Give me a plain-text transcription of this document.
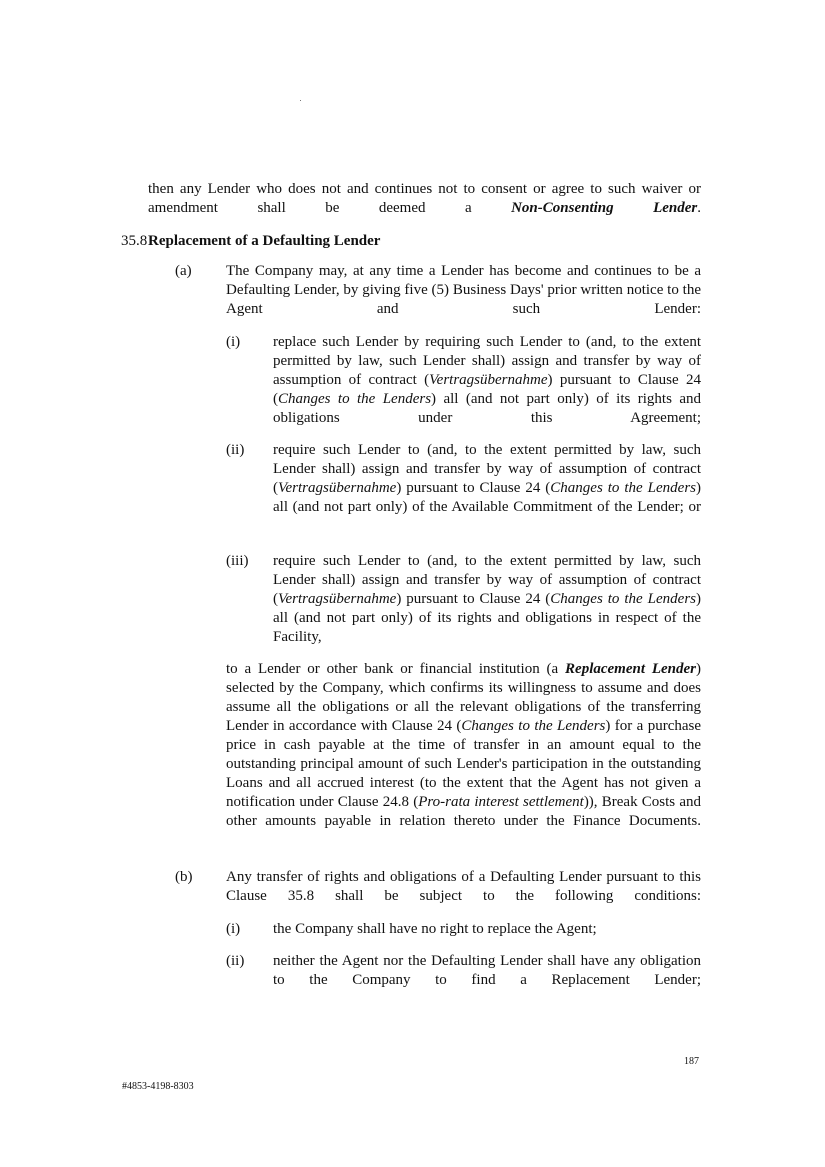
then any Lender who does not and continues not to consent or agree to such waiver or amendment shall be deemed a Non-Consenting Lender.

35.8 Replacement of a Defaulting Lender

(a) The Company may, at any time a Lender has become and continues to be a Defaulting Lender, by giving five (5) Business Days' prior written notice to the Agent and such Lender:

(i) replace such Lender by requiring such Lender to (and, to the extent permitted by law, such Lender shall) assign and transfer by way of assumption of contract (Vertragsübernahme) pursuant to Clause 24 (Changes to the Lenders) all (and not part only) of its rights and obligations under this Agreement;

(ii) require such Lender to (and, to the extent permitted by law, such Lender shall) assign and transfer by way of assumption of contract (Vertragsübernahme) pursuant to Clause 24 (Changes to the Lenders) all (and not part only) of the Available Commitment of the Lender; or

(iii) require such Lender to (and, to the extent permitted by law, such Lender shall) assign and transfer by way of assumption of contract (Vertragsübernahme) pursuant to Clause 24 (Changes to the Lenders) all (and not part only) of its rights and obligations in respect of the Facility,

to a Lender or other bank or financial institution (a Replacement Lender) selected by the Company, which confirms its willingness to assume and does assume all the obligations or all the relevant obligations of the transferring Lender in accordance with Clause 24 (Changes to the Lenders) for a purchase price in cash payable at the time of transfer in an amount equal to the outstanding principal amount of such Lender's participation in the outstanding Loans and all accrued interest (to the extent that the Agent has not given a notification under Clause 24.8 (Pro-rata interest settlement)), Break Costs and other amounts payable in relation thereto under the Finance Documents.

(b) Any transfer of rights and obligations of a Defaulting Lender pursuant to this Clause 35.8 shall be subject to the following conditions:

(i) the Company shall have no right to replace the Agent;

(ii) neither the Agent nor the Defaulting Lender shall have any obligation to the Company to find a Replacement Lender;

187
#4853-4198-8303
